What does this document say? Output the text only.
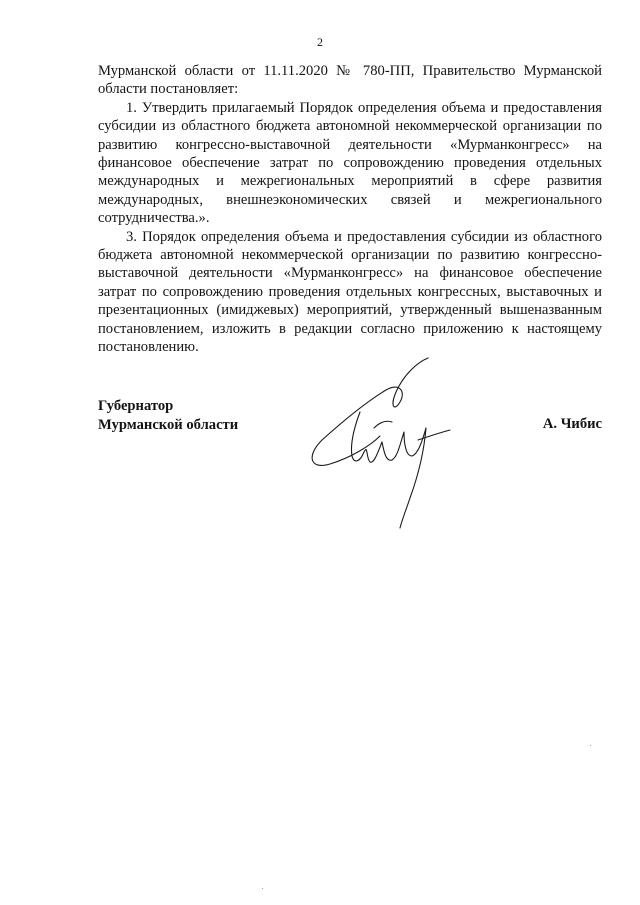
2

Мурманской области от 11.11.2020 № 780-ПП, Правительство Мурманской области постановляет:

1. Утвердить прилагаемый Порядок определения объема и предоставления субсидии из областного бюджета автономной некоммерческой организации по развитию конгрессно-выставочной деятельности «Мурманконгресс» на финансовое обеспечение затрат по сопровождению проведения отдельных международных и межрегиональных мероприятий в сфере развития международных, внешнеэкономических связей и межрегионального сотрудничества.».

3. Порядок определения объема и предоставления субсидии из областного бюджета автономной некоммерческой организации по развитию конгрессно-выставочной деятельности «Мурманконгресс» на финансовое обеспечение затрат по сопровождению проведения отдельных конгрессных, выставочных и презентационных (имиджевых) мероприятий, утвержденный вышеназванным постановлением, изложить в редакции согласно приложению к настоящему постановлению.

Губернатор
Мурманской области	А. Чибис
